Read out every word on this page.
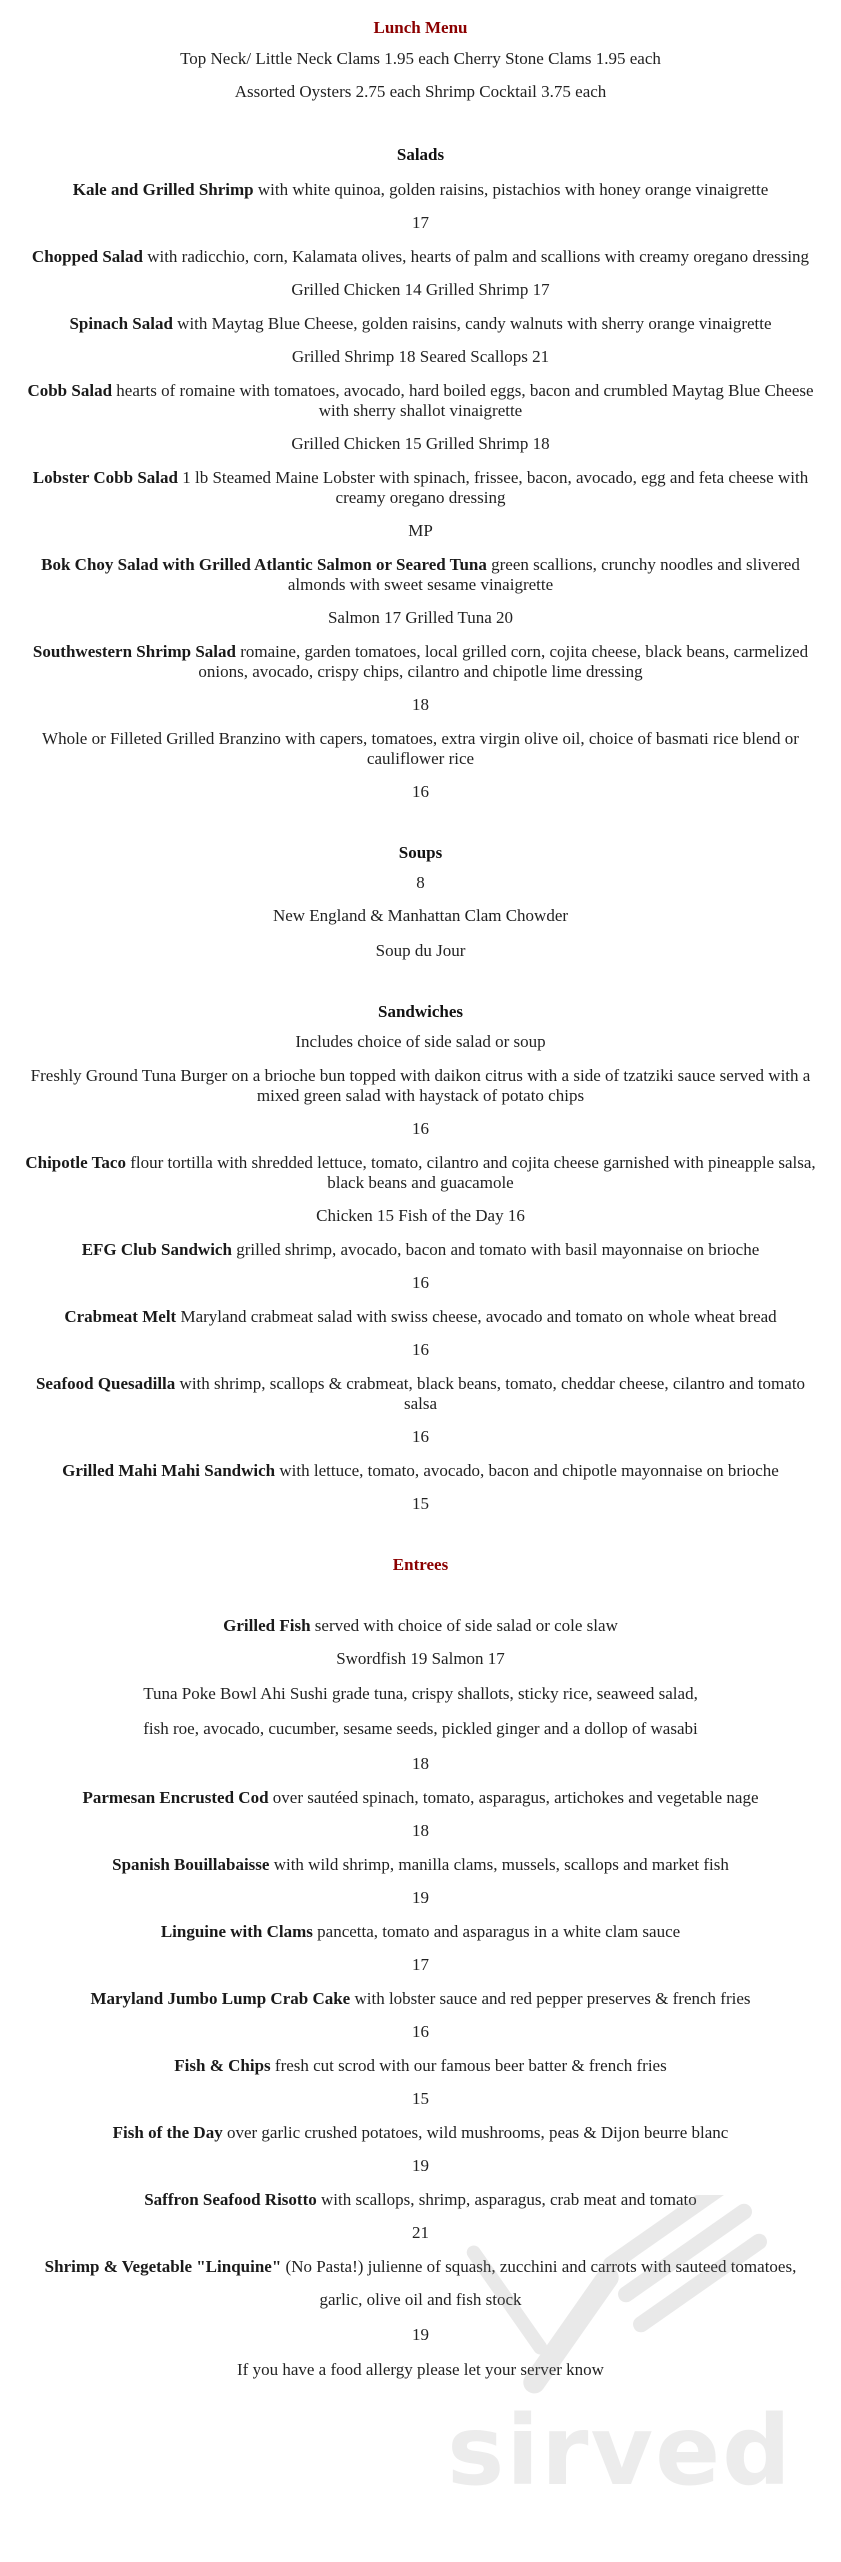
Lunch Menu

Top Neck/ Little Neck Clams 1.95 each Cherry Stone Clams 1.95 each

Assorted Oysters 2.75 each Shrimp Cocktail 3.75 each

Salads
Kale and Grilled Shrimp with white quinoa, golden raisins, pistachios with honey orange vinaigrette

17

Chopped Salad with radicchio, corn, Kalamata olives, hearts of palm and scallions with creamy oregano dressing

Grilled Chicken 14 Grilled Shrimp 17

Spinach Salad with Maytag Blue Cheese, golden raisins, candy walnuts with sherry orange vinaigrette

Grilled Shrimp 18 Seared Scallops 21

Cobb Salad hearts of romaine with tomatoes, avocado, hard boiled eggs, bacon and crumbled Maytag Blue Cheese with sherry shallot vinaigrette

Grilled Chicken 15 Grilled Shrimp 18

Lobster Cobb Salad 1 lb Steamed Maine Lobster with spinach, frissee, bacon, avocado, egg and feta cheese with creamy oregano dressing

MP

Bok Choy Salad with Grilled Atlantic Salmon or Seared Tuna green scallions, crunchy noodles and slivered almonds with sweet sesame vinaigrette

Salmon 17 Grilled Tuna 20

Southwestern Shrimp Salad romaine, garden tomatoes, local grilled corn, cojita cheese, black beans, carmelized onions, avocado, crispy chips, cilantro and chipotle lime dressing

18

Whole or Filleted Grilled Branzino with capers, tomatoes, extra virgin olive oil, choice of basmati rice blend or cauliflower rice

16

Soups

8

New England & Manhattan Clam Chowder

Soup du Jour

Sandwiches

Includes choice of side salad or soup

Freshly Ground Tuna Burger on a brioche bun topped with daikon citrus with a side of tzatziki sauce served with a mixed green salad with haystack of potato chips

16

Chipotle Taco flour tortilla with shredded lettuce, tomato, cilantro and cojita cheese garnished with pineapple salsa, black beans and guacamole

Chicken 15 Fish of the Day 16

EFG Club Sandwich grilled shrimp, avocado, bacon and tomato with basil mayonnaise on brioche

16

Crabmeat Melt Maryland crabmeat salad with swiss cheese, avocado and tomato on whole wheat bread

16

Seafood Quesadilla with shrimp, scallops & crabmeat, black beans, tomato, cheddar cheese, cilantro and tomato salsa

16

Grilled Mahi Mahi Sandwich with lettuce, tomato, avocado, bacon and chipotle mayonnaise on brioche

15

Entrees
Grilled Fish served with choice of side salad or cole slaw

Swordfish 19 Salmon 17

Tuna Poke Bowl Ahi Sushi grade tuna, crispy shallots, sticky rice, seaweed salad,

fish roe, avocado, cucumber, sesame seeds, pickled ginger and a dollop of wasabi

18

Parmesan Encrusted Cod over sautéed spinach, tomato, asparagus, artichokes and vegetable nage

18

Spanish Bouillabaisse with wild shrimp, manilla clams, mussels, scallops and market fish

19

Linguine with Clams pancetta, tomato and asparagus in a white clam sauce

17

Maryland Jumbo Lump Crab Cake with lobster sauce and red pepper preserves & french fries

16

Fish & Chips fresh cut scrod with our famous beer batter & french fries

15

Fish of the Day over garlic crushed potatoes, wild mushrooms, peas & Dijon beurre blanc

19

Saffron Seafood Risotto with scallops, shrimp, asparagus, crab meat and tomato

21

Shrimp & Vegetable "Linquine" (No Pasta!) julienne of squash, zucchini and carrots with sauteed tomatoes,

garlic, olive oil and fish stock

19

If you have a food allergy please let your server know

sirved
